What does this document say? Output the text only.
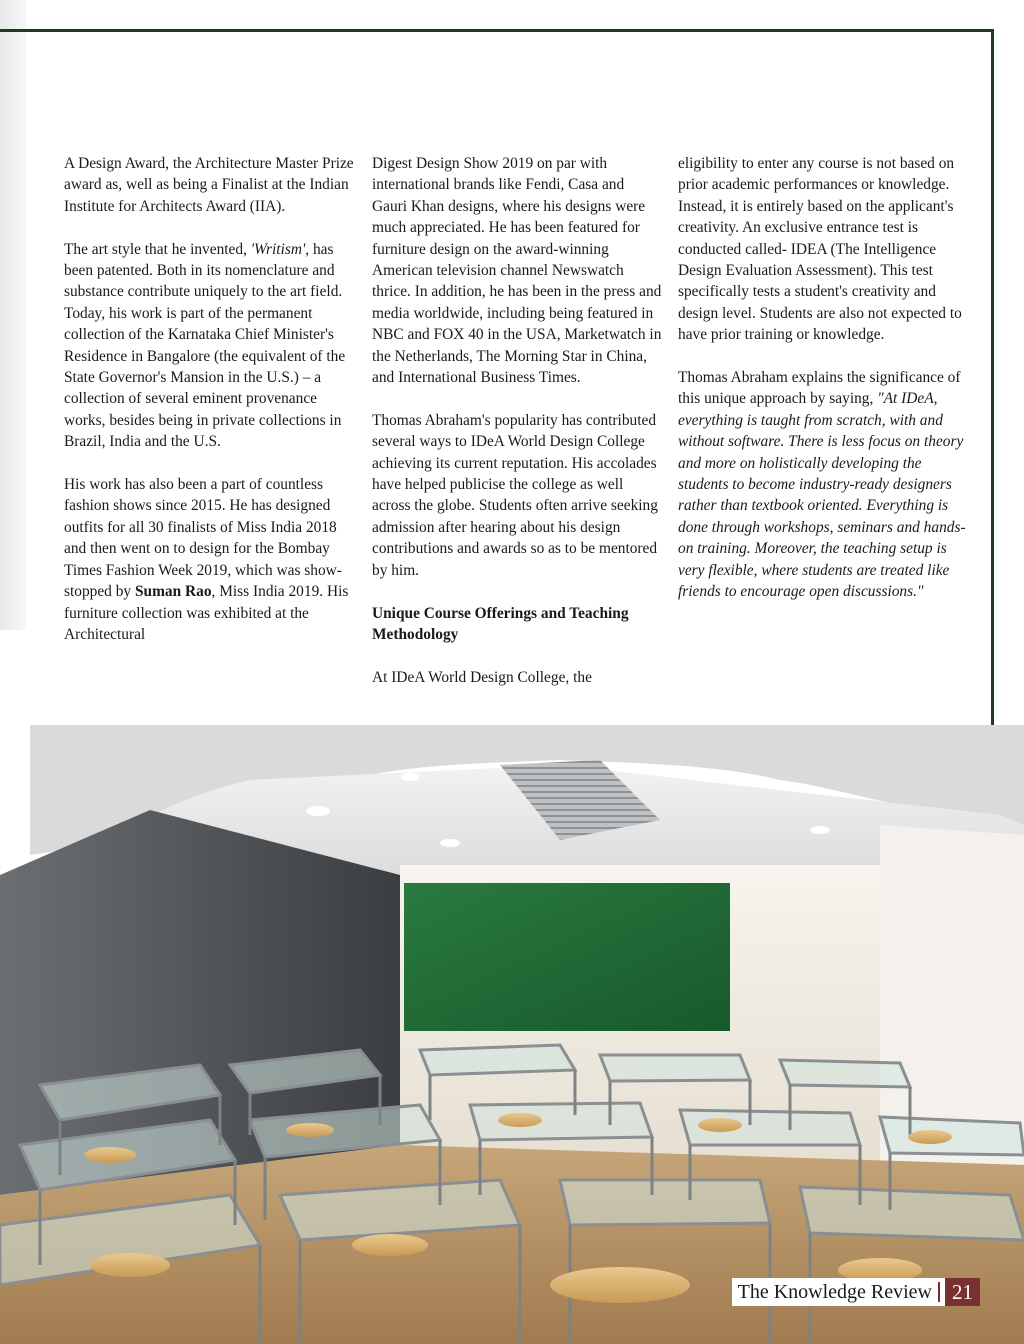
A Design Award, the Architecture Master Prize award as, well as being a Finalist at the Indian Institute for Architects Award (IIA).

The art style that he invented, 'Writism', has been patented. Both in its nomenclature and substance contribute uniquely to the art field. Today, his work is part of the permanent collection of the Karnataka Chief Minister's Residence in Bangalore (the equivalent of the State Governor's Mansion in the U.S.) – a collection of several eminent provenance works, besides being in private collections in Brazil, India and the U.S.

His work has also been a part of countless fashion shows since 2015. He has designed outfits for all 30 finalists of Miss India 2018 and then went on to design for the Bombay Times Fashion Week 2019, which was show-stopped by Suman Rao, Miss India 2019. His furniture collection was exhibited at the Architectural

Digest Design Show 2019 on par with international brands like Fendi, Casa and Gauri Khan designs, where his designs were much appreciated. He has been featured for furniture design on the award-winning American television channel Newswatch thrice. In addition, he has been in the press and media worldwide, including being featured in NBC and FOX 40 in the USA, Marketwatch in the Netherlands, The Morning Star in China, and International Business Times.

Thomas Abraham's popularity has contributed several ways to IDeA World Design College achieving its current reputation. His accolades have helped publicise the college as well across the globe. Students often arrive seeking admission after hearing about his design contributions and awards so as to be mentored by him.

Unique Course Offerings and Teaching Methodology

At IDeA World Design College, the

eligibility to enter any course is not based on prior academic performances or knowledge. Instead, it is entirely based on the applicant's creativity. An exclusive entrance test is conducted called- IDEA (The Intelligence Design Evaluation Assessment). This test specifically tests a student's creativity and design level. Students are also not expected to have prior training or knowledge.

Thomas Abraham explains the significance of this unique approach by saying, "At IDeA, everything is taught from scratch, with and without software. There is less focus on theory and more on holistically developing the students to become industry-ready designers rather than textbook oriented. Everything is done through workshops, seminars and hands-on training. Moreover, the teaching setup is very flexible, where students are treated like friends to encourage open discussions."

The Knowledge Review 21
